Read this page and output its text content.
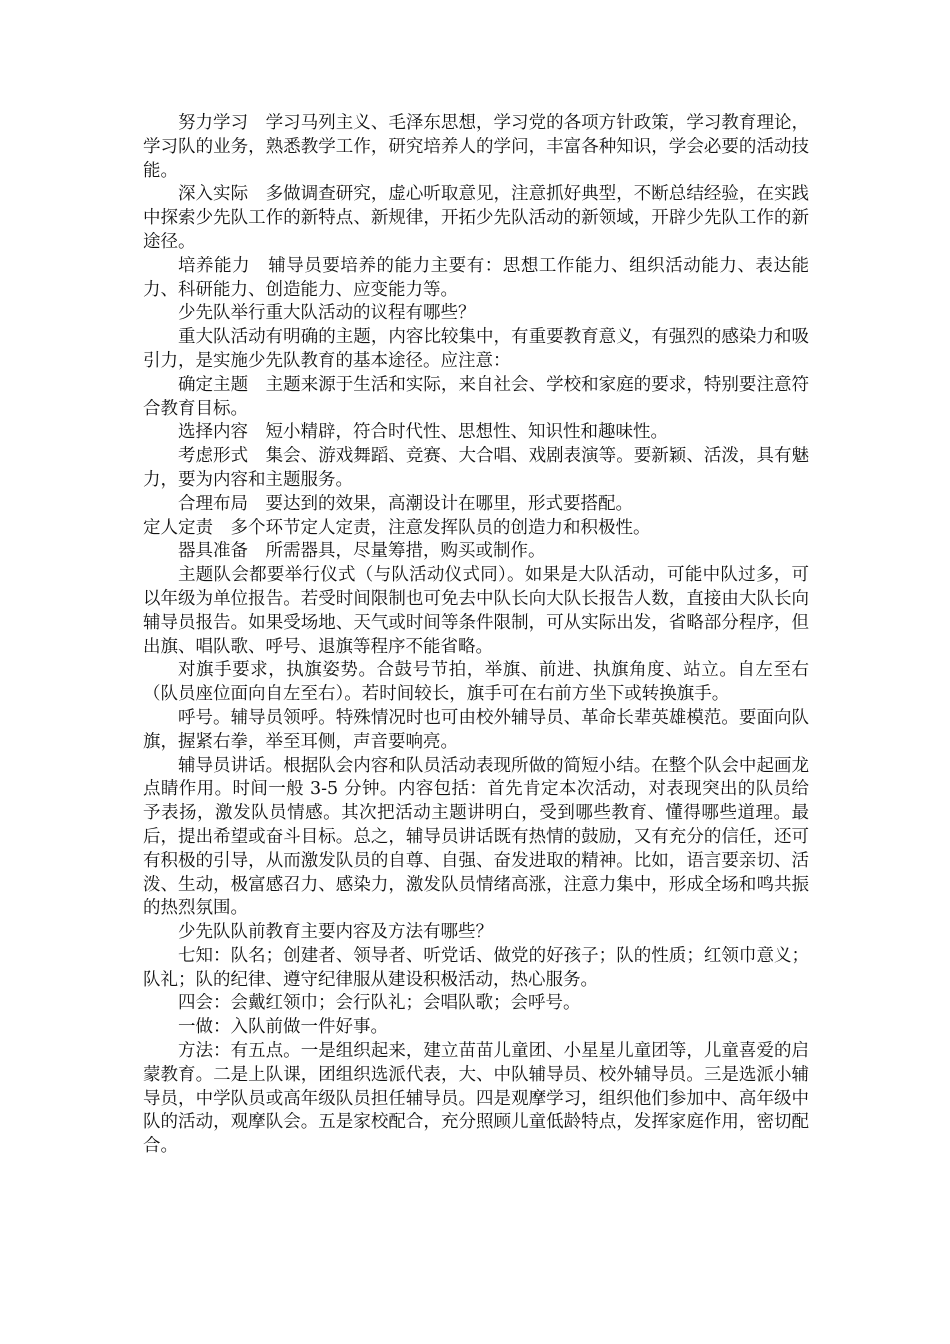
努力学习　学习马列主义、毛泽东思想，学习党的各项方针政策，学习教育理论，学习队的业务，熟悉教学工作，研究培养人的学问，丰富各种知识，学会必要的活动技能。

深入实际　多做调查研究，虚心听取意见，注意抓好典型，不断总结经验，在实践中探索少先队工作的新特点、新规律，开拓少先队活动的新领域，开辟少先队工作的新途径。

培养能力　辅导员要培养的能力主要有：思想工作能力、组织活动能力、表达能力、科研能力、创造能力、应变能力等。

少先队举行重大队活动的议程有哪些？

重大队活动有明确的主题，内容比较集中，有重要教育意义，有强烈的感染力和吸引力，是实施少先队教育的基本途径。应注意：

确定主题　主题来源于生活和实际，来自社会、学校和家庭的要求，特别要注意符合教育目标。

选择内容　短小精辟，符合时代性、思想性、知识性和趣味性。

考虑形式　集会、游戏舞蹈、竞赛、大合唱、戏剧表演等。要新颖、活泼，具有魅力，要为内容和主题服务。

合理布局　要达到的效果，高潮设计在哪里，形式要搭配。

定人定责　多个环节定人定责，注意发挥队员的创造力和积极性。

器具准备　所需器具，尽量筹措，购买或制作。

主题队会都要举行仪式（与队活动仪式同）。如果是大队活动，可能中队过多，可以年级为单位报告。若受时间限制也可免去中队长向大队长报告人数，直接由大队长向辅导员报告。如果受场地、天气或时间等条件限制，可从实际出发，省略部分程序，但出旗、唱队歌、呼号、退旗等程序不能省略。

对旗手要求，执旗姿势。合鼓号节拍，举旗、前进、执旗角度、站立。自左至右（队员座位面向自左至右）。若时间较长，旗手可在右前方坐下或转换旗手。

呼号。辅导员领呼。特殊情况时也可由校外辅导员、革命长辈英雄模范。要面向队旗，握紧右拳，举至耳侧，声音要响亮。

辅导员讲话。根据队会内容和队员活动表现所做的简短小结。在整个队会中起画龙点睛作用。时间一般 3-5 分钟。内容包括：首先肯定本次活动，对表现突出的队员给予表扬，激发队员情感。其次把活动主题讲明白，受到哪些教育、懂得哪些道理。最后，提出希望或奋斗目标。总之，辅导员讲话既有热情的鼓励，又有充分的信任，还可有积极的引导，从而激发队员的自尊、自强、奋发进取的精神。比如，语言要亲切、活泼、生动，极富感召力、感染力，激发队员情绪高涨，注意力集中，形成全场和鸣共振的热烈氛围。

少先队队前教育主要内容及方法有哪些？

七知：队名；创建者、领导者、听党话、做党的好孩子；队的性质；红领巾意义；队礼；队的纪律、遵守纪律服从建设积极活动，热心服务。

四会：会戴红领巾；会行队礼；会唱队歌；会呼号。

一做：入队前做一件好事。

方法：有五点。一是组织起来，建立苗苗儿童团、小星星儿童团等，儿童喜爱的启蒙教育。二是上队课，团组织选派代表，大、中队辅导员、校外辅导员。三是选派小辅导员，中学队员或高年级队员担任辅导员。四是观摩学习，组织他们参加中、高年级中队的活动，观摩队会。五是家校配合，充分照顾儿童低龄特点，发挥家庭作用，密切配合。
